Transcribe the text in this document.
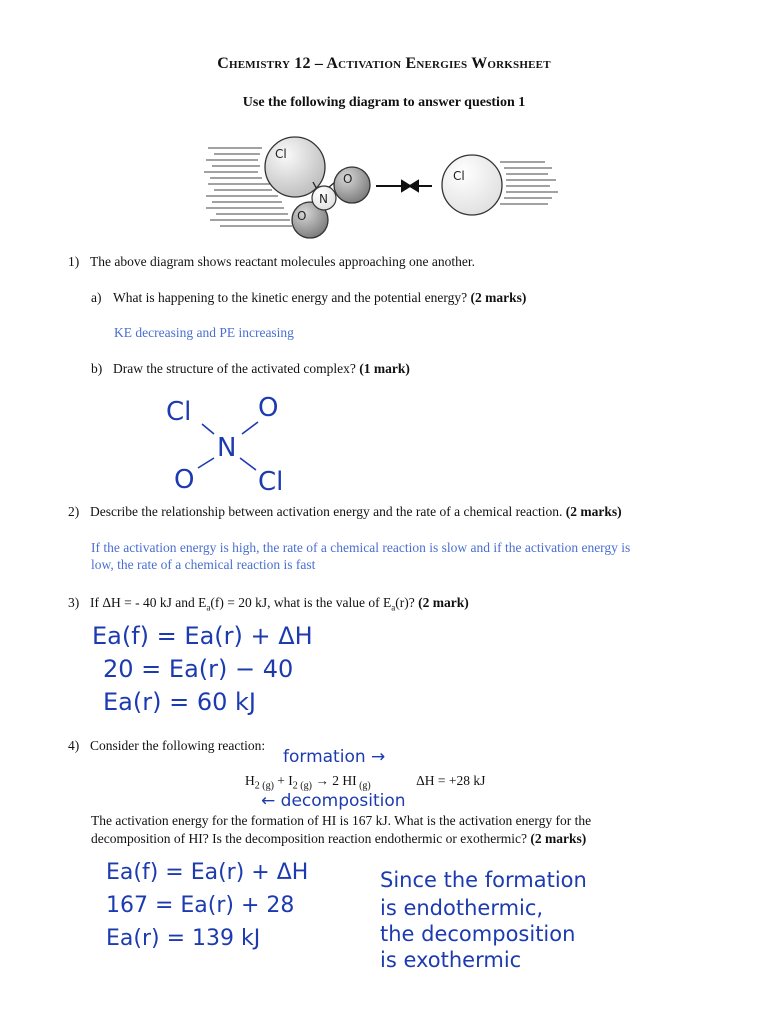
Chemistry 12 – Activation Energies Worksheet
Use the following diagram to answer question 1
Cl
O
O
N
Cl
1) The above diagram shows reactant molecules approaching one another.
a) What is happening to the kinetic energy and the potential energy? (2 marks)
KE decreasing and PE increasing
b) Draw the structure of the activated complex? (1 mark)
Cl	O
N
O Cl
2) Describe the relationship between activation energy and the rate of a chemical reaction. (2 marks)
If the activation energy is high, the rate of a chemical reaction is slow and if the activation energy is
low, the rate of a chemical reaction is fast
3) If ΔH = - 40 kJ and $E_a(f) = 20$ kJ, what is the value of $E_a(r)$? (2 mark)
Ea(f) = Ea(r) + ΔH
20 = Ea(r) − 40
Ea(r) = 60 kJ
4) Consider the following reaction:
formation →
$H_{2 (g)} + I_{2 (g)} \to 2$ HI $_{(g)}$	ΔH = +28 kJ
← decomposition
The activation energy for the formation of HI is 167 kJ. What is the activation energy for the
decomposition of HI? Is the decomposition reaction endothermic or exothermic? (2 marks)
Ea(f) = Ea(r) + ΔH
167 = Ea(r) + 28
Ea(r) = 139 kJ
Since the formation
is endothermic,
the decomposition
is exothermic
